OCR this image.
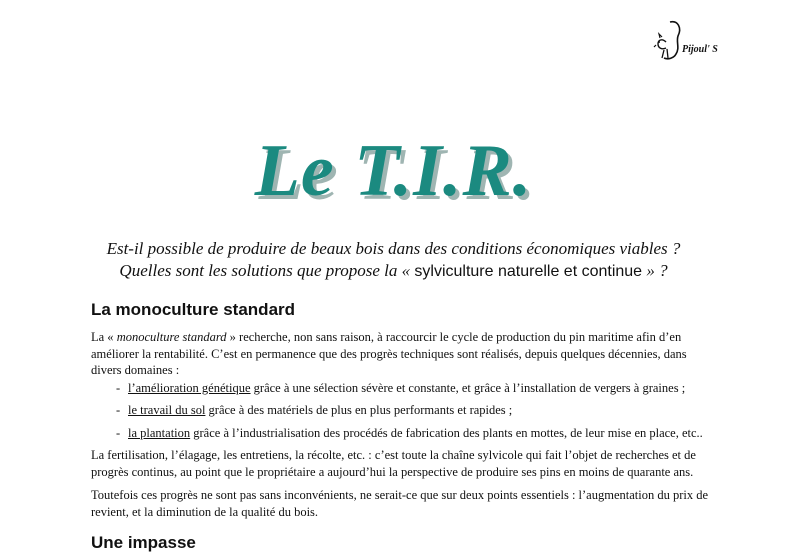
Pijoul' S
Le T.I.R.
Est-il possible de produire de beaux bois dans des conditions économiques viables ?
Quelles sont les solutions que propose la « sylviculture naturelle et continue » ?
La monoculture standard
La « monoculture standard » recherche, non sans raison, à raccourcir le cycle de production du pin maritime afin d’en
améliorer la rentabilité. C’est en permanence que des progrès techniques sont réalisés, depuis quelques décennies, dans
divers domaines :
- l’amélioration génétique grâce à une sélection sévère et constante, et grâce à l’installation de vergers à graines ;
- le travail du sol grâce à des matériels de plus en plus performants et rapides ;
- la plantation grâce à l’industrialisation des procédés de fabrication des plants en mottes, de leur mise en place, etc..
La fertilisation, l’élagage, les entretiens, la récolte, etc. : c’est toute la chaîne sylvicole qui fait l’objet de recherches et de
progrès continus, au point que le propriétaire a aujourd’hui la perspective de produire ses pins en moins de quarante ans.
Toutefois ces progrès ne sont pas sans inconvénients, ne serait-ce que sur deux points essentiels : l’augmentation du prix de
revient, et la diminution de la qualité du bois.
Une impasse
